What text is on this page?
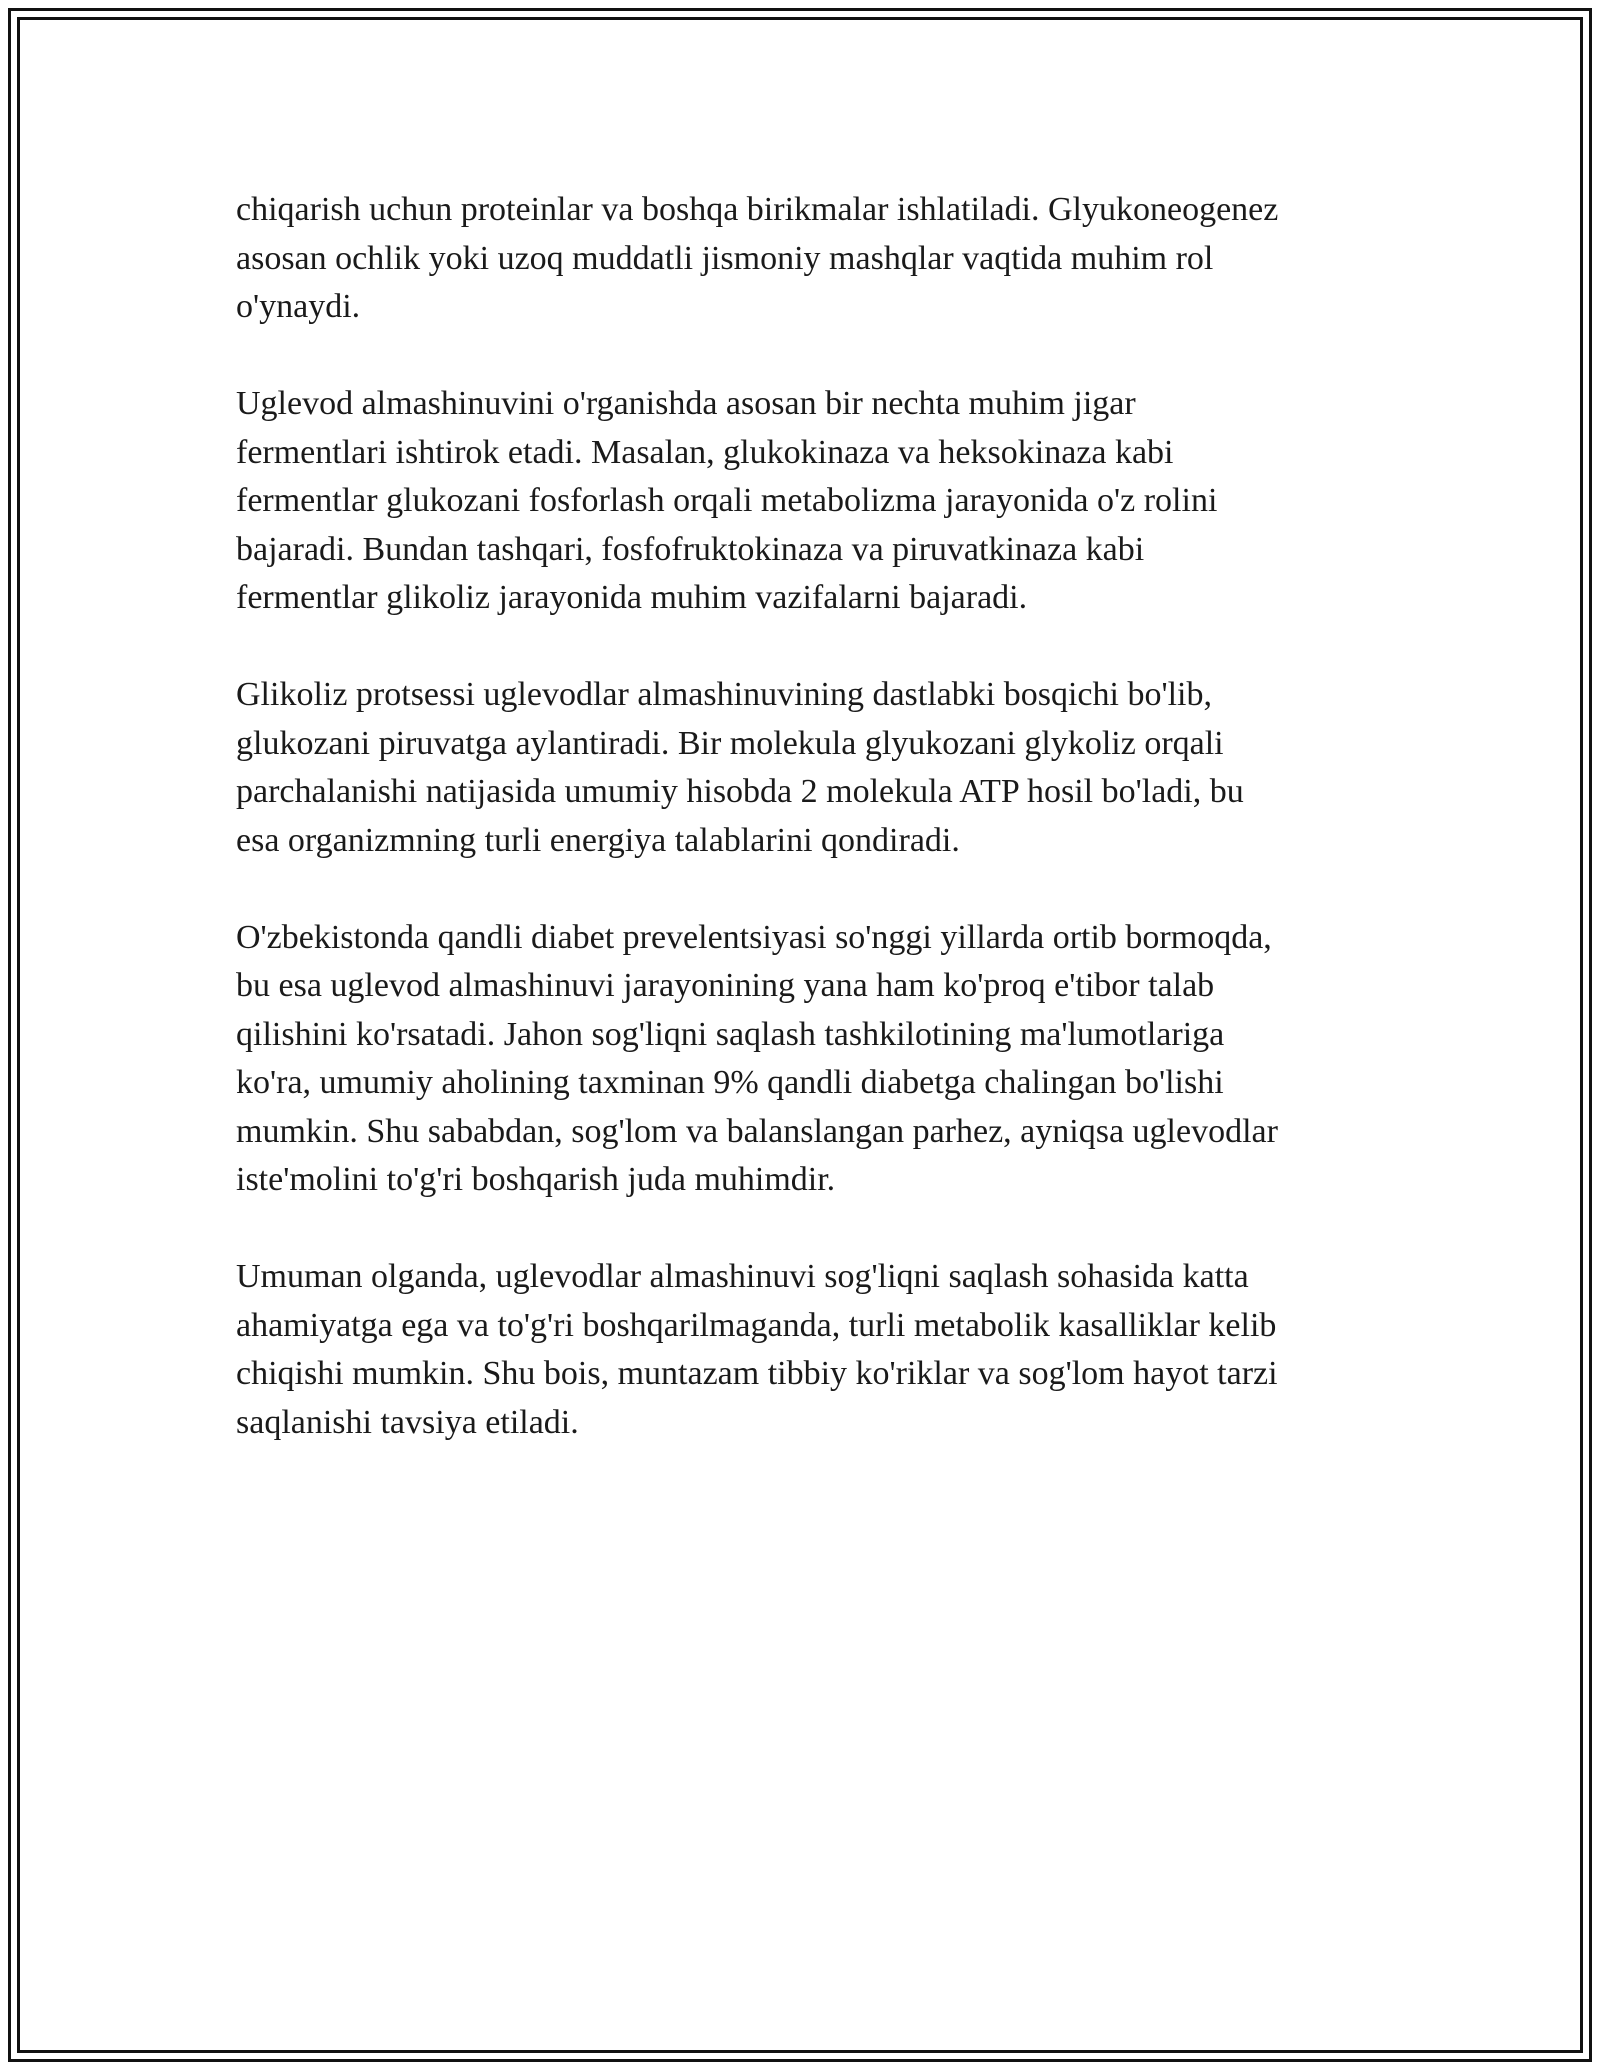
chiqarish uchun proteinlar va boshqa birikmalar ishlatiladi. Glyukoneogenez
asosan ochlik yoki uzoq muddatli jismoniy mashqlar vaqtida muhim rol
o'ynaydi.

Uglevod almashinuvini o'rganishda asosan bir nechta muhim jigar
fermentlari ishtirok etadi. Masalan, glukokinaza va heksokinaza kabi
fermentlar glukozani fosforlash orqali metabolizma jarayonida o'z rolini
bajaradi. Bundan tashqari, fosfofruktokinaza va piruvatkinaza kabi
fermentlar glikoliz jarayonida muhim vazifalarni bajaradi.

Glikoliz protsessi uglevodlar almashinuvining dastlabki bosqichi bo'lib,
glukozani piruvatga aylantiradi. Bir molekula glyukozani glykoliz orqali
parchalanishi natijasida umumiy hisobda 2 molekula ATP hosil bo'ladi, bu
esa organizmning turli energiya talablarini qondiradi.

O'zbekistonda qandli diabet prevelentsiyasi so'nggi yillarda ortib bormoqda,
bu esa uglevod almashinuvi jarayonining yana ham ko'proq e'tibor talab
qilishini ko'rsatadi. Jahon sog'liqni saqlash tashkilotining ma'lumotlariga
ko'ra, umumiy aholining taxminan 9% qandli diabetga chalingan bo'lishi
mumkin. Shu sababdan, sog'lom va balanslangan parhez, ayniqsa uglevodlar
iste'molini to'g'ri boshqarish juda muhimdir.

Umuman olganda, uglevodlar almashinuvi sog'liqni saqlash sohasida katta
ahamiyatga ega va to'g'ri boshqarilmaganda, turli metabolik kasalliklar kelib
chiqishi mumkin. Shu bois, muntazam tibbiy ko'riklar va sog'lom hayot tarzi
saqlanishi tavsiya etiladi.
